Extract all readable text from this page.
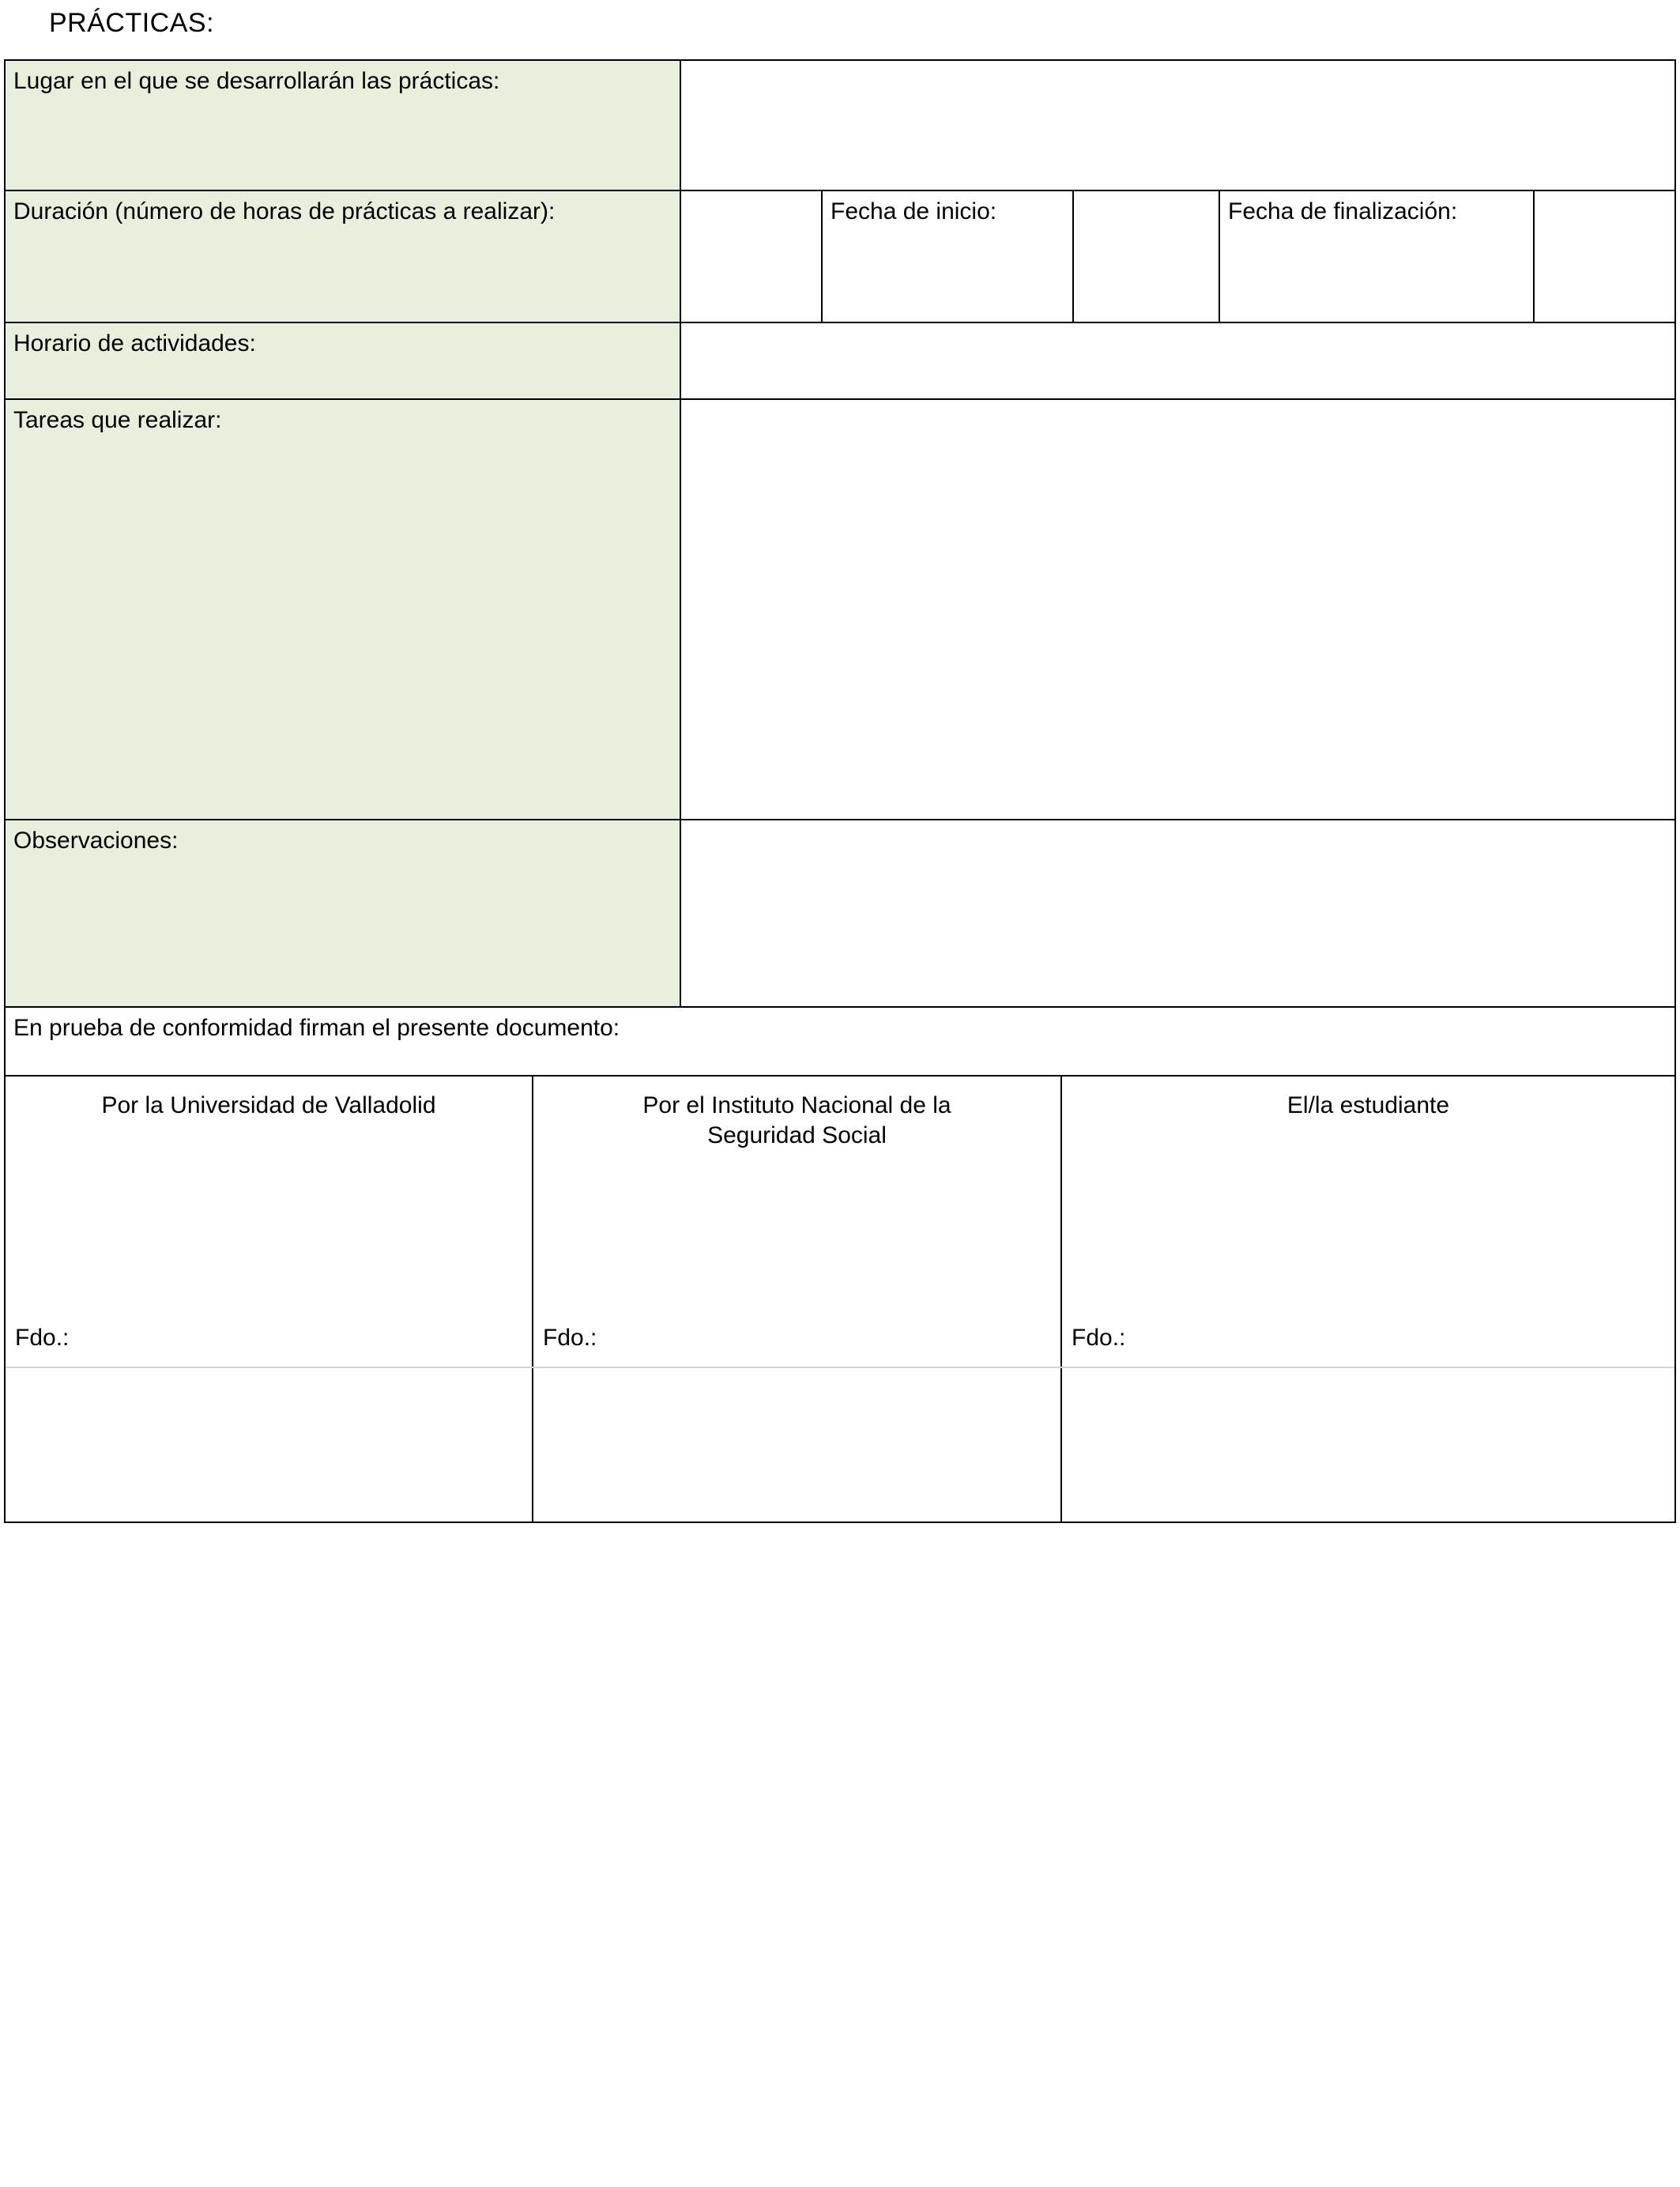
PRÁCTICAS:
Lugar en el que se desarrollarán las prácticas:
Duración (número de horas de prácticas a realizar):	Fecha de inicio:	Fecha de finalización:
Horario de actividades:
Tareas que realizar:
Observaciones:
En prueba de conformidad firman el presente documento:
Por la Universidad de Valladolid
Fdo.:
Por el Instituto Nacional de la Seguridad Social
Fdo.:
El/la estudiante
Fdo.:
